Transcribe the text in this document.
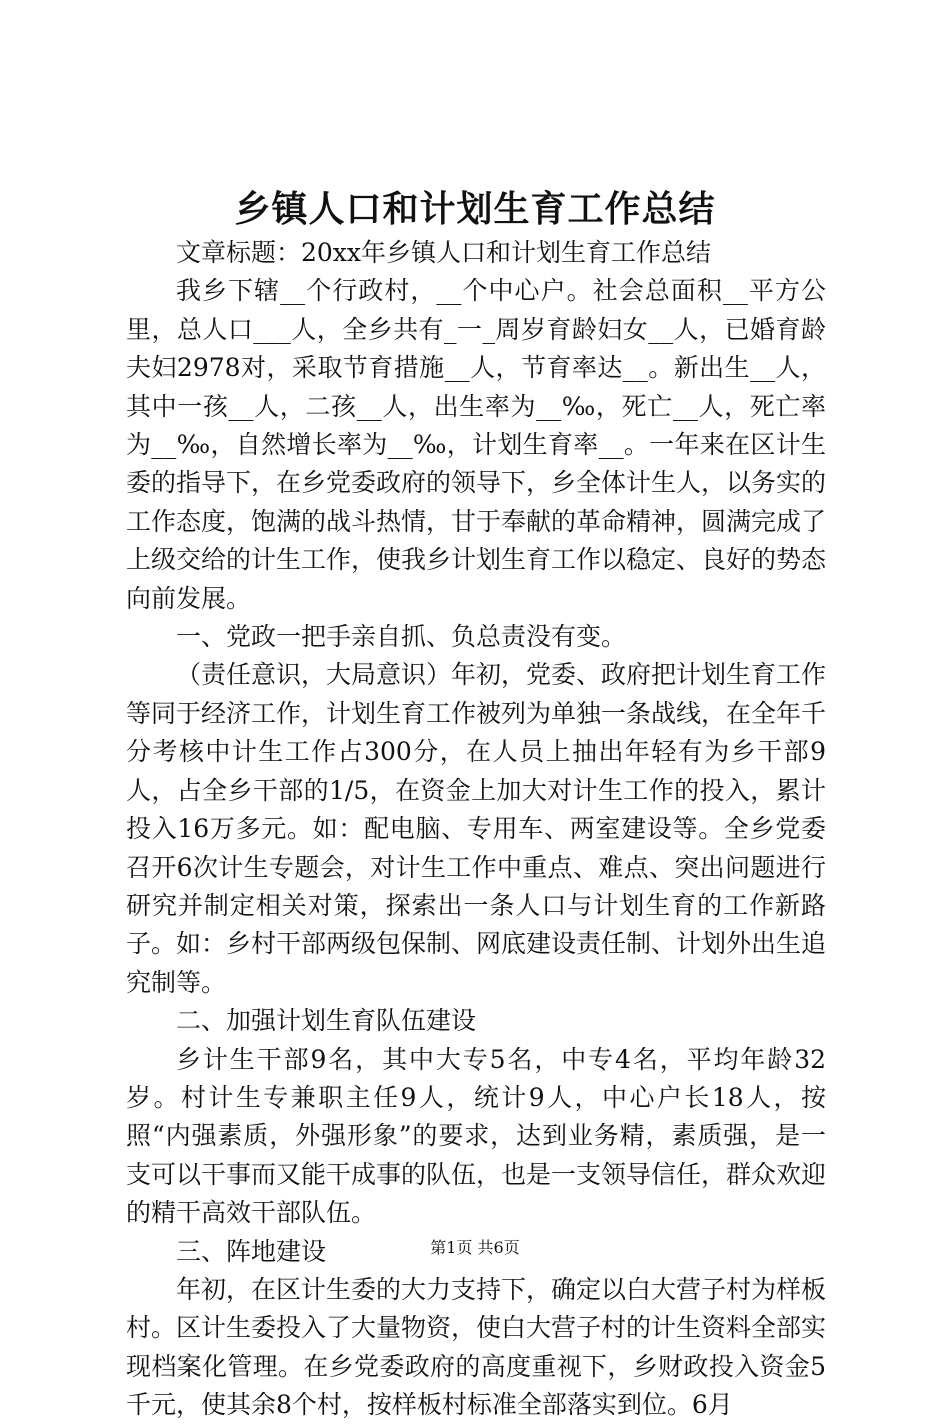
乡镇人口和计划生育工作总结

文章标题：20xx年乡镇人口和计划生育工作总结

我乡下辖__个行政村，__个中心户。社会总面积__平方公里，总人口___人，全乡共有_一_周岁育龄妇女__人，已婚育龄夫妇2978对，采取节育措施__人，节育率达__。新出生__人，其中一孩__人，二孩__人，出生率为__‰，死亡__人，死亡率为__‰，自然增长率为__‰，计划生育率__。一年来在区计生委的指导下，在乡党委政府的领导下，乡全体计生人，以务实的工作态度，饱满的战斗热情，甘于奉献的革命精神，圆满完成了上级交给的计生工作，使我乡计划生育工作以稳定、良好的势态向前发展。

一、党政一把手亲自抓、负总责没有变。

（责任意识，大局意识）年初，党委、政府把计划生育工作等同于经济工作，计划生育工作被列为单独一条战线，在全年千分考核中计生工作占300分，在人员上抽出年轻有为乡干部9人，占全乡干部的1/5，在资金上加大对计生工作的投入，累计投入16万多元。如：配电脑、专用车、两室建设等。全乡党委召开6次计生专题会，对计生工作中重点、难点、突出问题进行研究并制定相关对策，探索出一条人口与计划生育的工作新路子。如：乡村干部两级包保制、网底建设责任制、计划外出生追究制等。

二、加强计划生育队伍建设

乡计生干部9名，其中大专5名，中专4名，平均年龄32岁。村计生专兼职主任9人，统计9人，中心户长18人，按照“内强素质，外强形象”的要求，达到业务精，素质强，是一支可以干事而又能干成事的队伍，也是一支领导信任，群众欢迎的精干高效干部队伍。

三、阵地建设

年初，在区计生委的大力支持下，确定以白大营子村为样板村。区计生委投入了大量物资，使白大营子村的计生资料全部实现档案化管理。在乡党委政府的高度重视下，乡财政投入资金5千元，使其余8个村，按样板村标准全部落实到位。6月

第1页 共6页
